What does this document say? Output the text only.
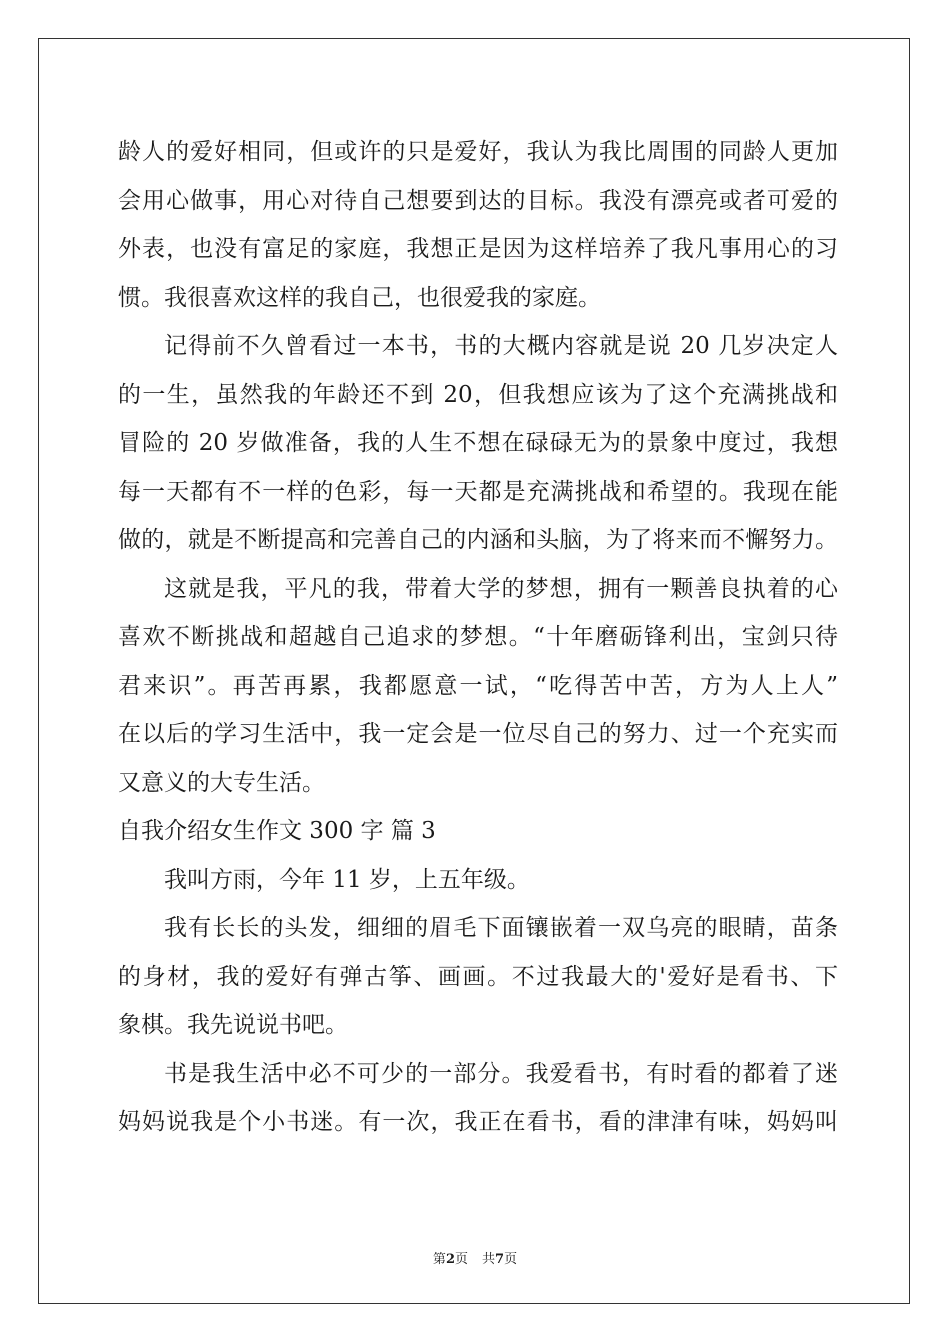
龄人的爱好相同，但或许的只是爱好，我认为我比周围的同龄人更加
会用心做事，用心对待自己想要到达的目标。我没有漂亮或者可爱的
外表，也没有富足的家庭，我想正是因为这样培养了我凡事用心的习
惯。我很喜欢这样的我自己，也很爱我的家庭。
记得前不久曾看过一本书，书的大概内容就是说 20 几岁决定人
的一生，虽然我的年龄还不到 20，但我想应该为了这个充满挑战和
冒险的 20 岁做准备，我的人生不想在碌碌无为的景象中度过，我想
每一天都有不一样的色彩，每一天都是充满挑战和希望的。我现在能
做的，就是不断提高和完善自己的内涵和头脑，为了将来而不懈努力。
这就是我，平凡的我，带着大学的梦想，拥有一颗善良执着的心
喜欢不断挑战和超越自己追求的梦想。“十年磨砺锋利出，宝剑只待
君来识”。再苦再累，我都愿意一试，“吃得苦中苦，方为人上人”
在以后的学习生活中，我一定会是一位尽自己的努力、过一个充实而
又意义的大专生活。
自我介绍女生作文 300 字 篇 3
我叫方雨，今年 11 岁，上五年级。
我有长长的头发，细细的眉毛下面镶嵌着一双乌亮的眼睛，苗条
的身材，我的爱好有弹古筝、画画。不过我最大的'爱好是看书、下
象棋。我先说说书吧。
书是我生活中必不可少的一部分。我爱看书，有时看的都着了迷
妈妈说我是个小书迷。有一次，我正在看书，看的津津有味，妈妈叫
第2页 共7页
